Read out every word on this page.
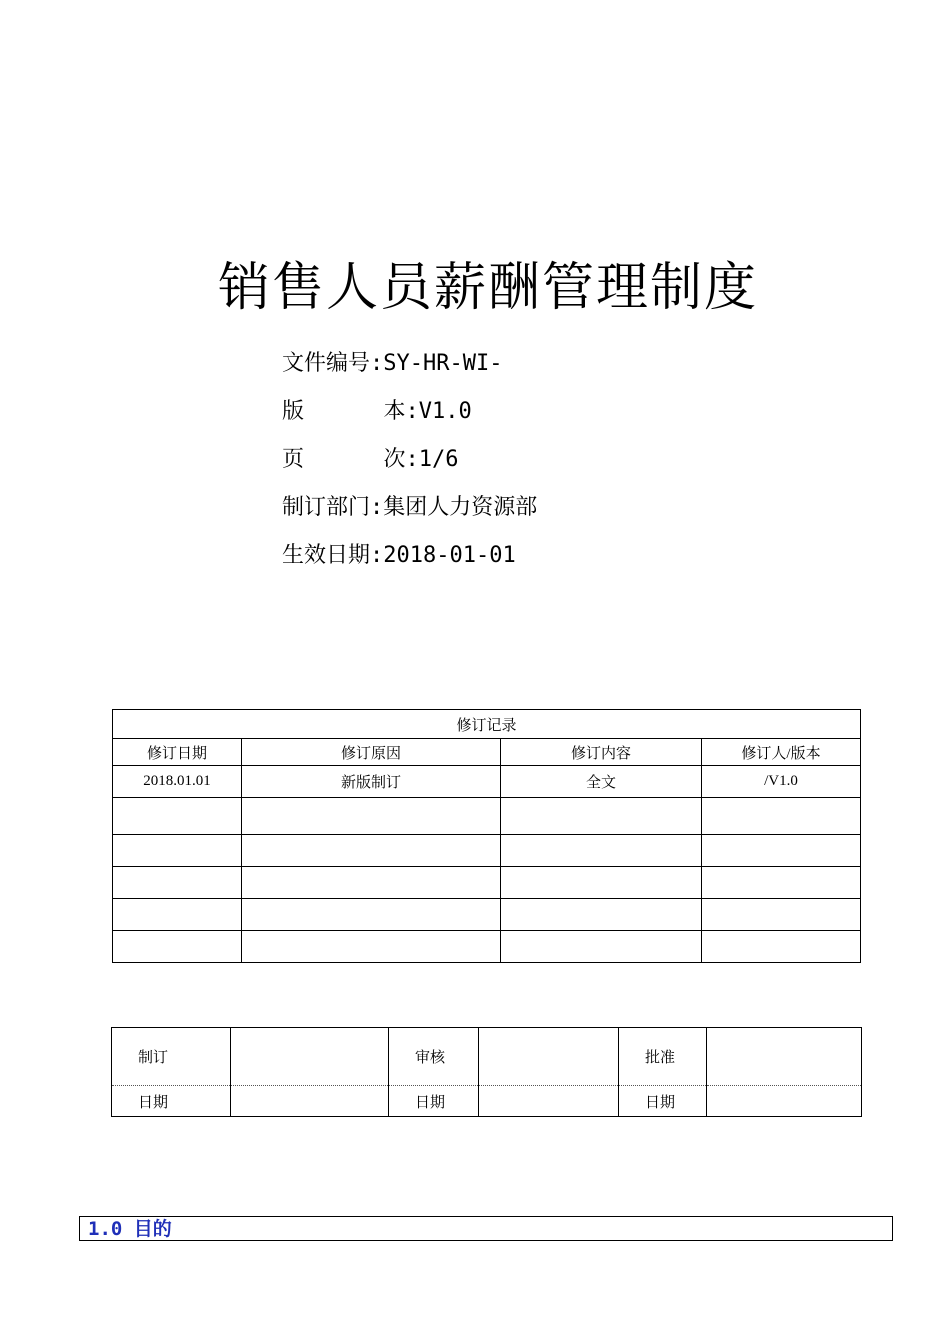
销售人员薪酬管理制度
文件编号:SY-HR-WI-
版      本:V1.0
页      次:1/6
制订部门:集团人力资源部
生效日期:2018-01-01
修订记录			
修订日期	修订原因	修订内容	修订人/版本
2018.01.01	新版制订	全文	/V1.0

制订		审核		批准	
日期		日期		日期	
1.0 目的
